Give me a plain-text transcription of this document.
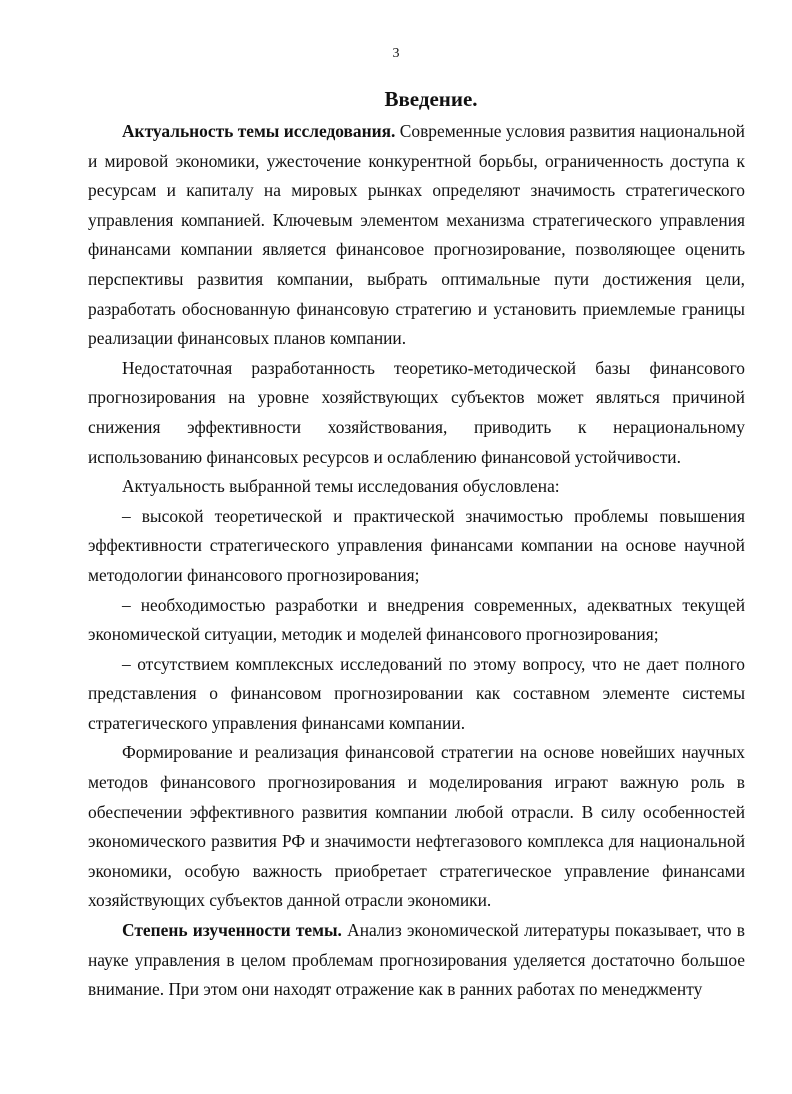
3
Введение.

Актуальность темы исследования. Современные условия развития национальной и мировой экономики, ужесточение конкурентной борьбы, ограниченность доступа к ресурсам и капиталу на мировых рынках определяют значимость стратегического управления компанией. Ключевым элементом механизма стратегического управления финансами компании является финансовое прогнозирование, позволяющее оценить перспективы развития компании, выбрать оптимальные пути достижения цели, разработать обоснованную финансовую стратегию и установить приемлемые границы реализации финансовых планов компании.

Недостаточная разработанность теоретико-методической базы финансового прогнозирования на уровне хозяйствующих субъектов может являться причиной снижения эффективности хозяйствования, приводить к нерациональному использованию финансовых ресурсов и ослаблению финансовой устойчивости.

Актуальность выбранной темы исследования обусловлена:

– высокой теоретической и практической значимостью проблемы повышения эффективности стратегического управления финансами компании на основе научной методологии финансового прогнозирования;

– необходимостью разработки и внедрения современных, адекватных текущей экономической ситуации, методик и моделей финансового прогнозирования;

– отсутствием комплексных исследований по этому вопросу, что не дает полного представления о финансовом прогнозировании как составном элементе системы стратегического управления финансами компании.

Формирование и реализация финансовой стратегии на основе новейших научных методов финансового прогнозирования и моделирования играют важную роль в обеспечении эффективного развития компании любой отрасли. В силу особенностей экономического развития РФ и значимости нефтегазового комплекса для национальной экономики, особую важность приобретает стратегическое управление финансами хозяйствующих субъектов данной отрасли экономики.

Степень изученности темы. Анализ экономической литературы показывает, что в науке управления в целом проблемам прогнозирования уделяется достаточно большое внимание. При этом они находят отражение как в ранних работах по менеджменту
